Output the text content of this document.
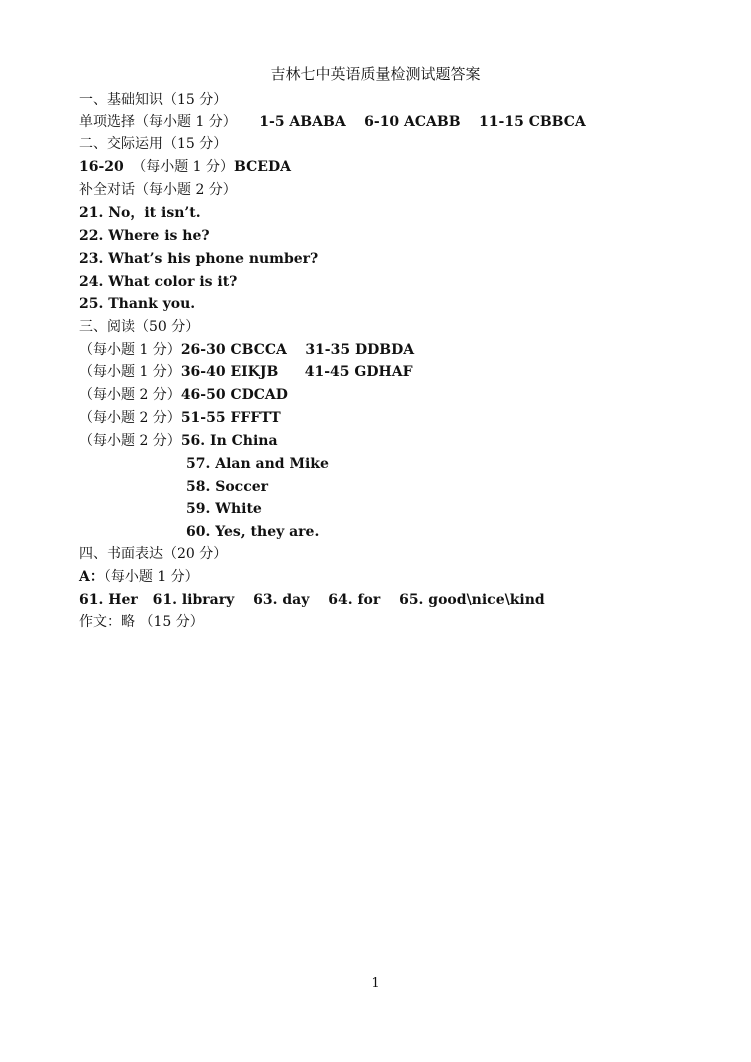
吉林七中英语质量检测试题答案
一、基础知识（15 分）
单项选择（每小题 1 分） 1-5 ABABA 6-10 ACABB 11-15 CBBCA
二、交际运用（15 分）
16-20 （每小题 1 分）BCEDA
补全对话（每小题 2 分）
21. No，it isn’t.
22. Where is he?
23. What’s his phone number?
24. What color is it?
25. Thank you.
三、阅读（50 分）
（每小题 1 分）26-30 CBCCA 31-35 DDBDA
（每小题 1 分）36-40 EIKJB 41-45 GDHAF
（每小题 2 分）46-50 CDCAD
（每小题 2 分）51-55 FFFTT
（每小题 2 分）56. In China
57. Alan and Mike
58. Soccer
59. White
60. Yes, they are.
四、书面表达（20 分）
A：（每小题 1 分）
61. Her 61. library 63. day 64. for 65. good\nice\kind
作文：略 （15 分）
1
